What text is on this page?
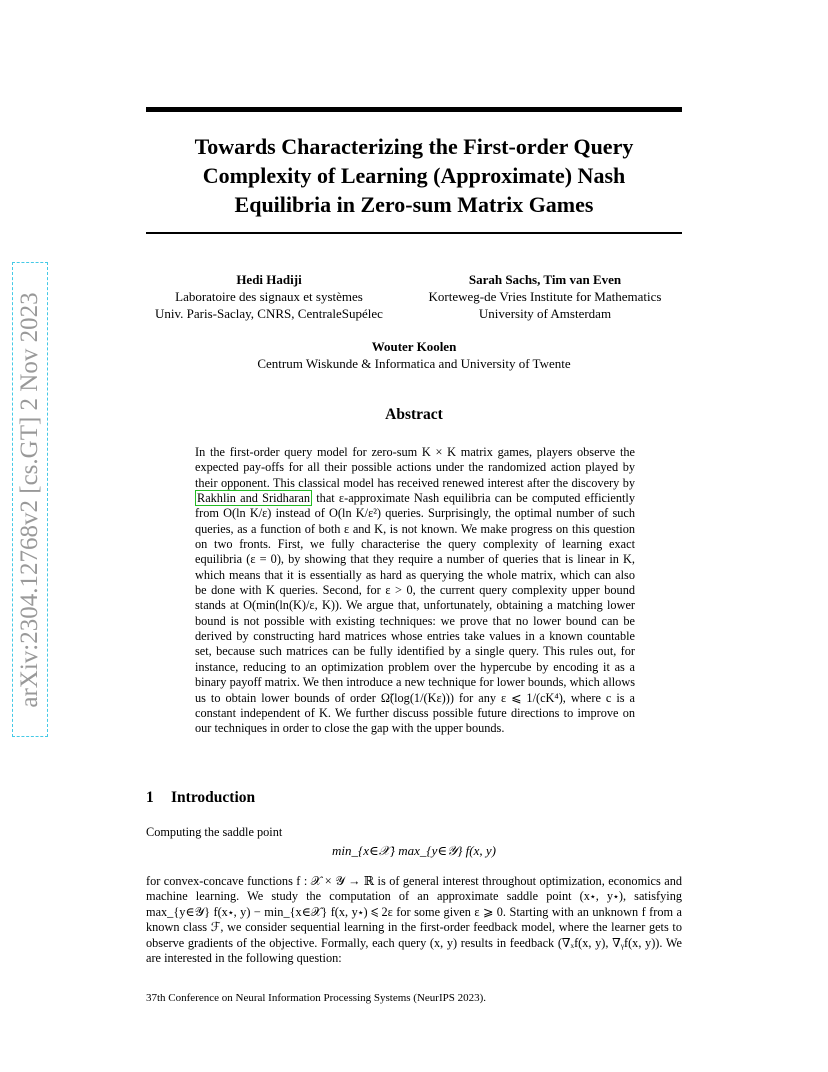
arXiv:2304.12768v2 [cs.GT] 2 Nov 2023
Towards Characterizing the First-order Query
Complexity of Learning (Approximate) Nash
Equilibria in Zero-sum Matrix Games
Hedi Hadiji
Laboratoire des signaux et systèmes
Univ. Paris-Saclay, CNRS, CentraleSupélec
Sarah Sachs, Tim van Even
Korteweg-de Vries Institute for Mathematics
University of Amsterdam
Wouter Koolen
Centrum Wiskunde & Informatica and University of Twente
Abstract

In the first-order query model for zero-sum K × K matrix games, players observe the expected pay-offs for all their possible actions under the randomized action played by their opponent. This classical model has received renewed interest after the discovery by Rakhlin and Sridharan that ε-approximate Nash equilibria can be computed efficiently from O(ln K/ε) instead of O(ln K/ε²) queries. Surprisingly, the optimal number of such queries, as a function of both ε and K, is not known. We make progress on this question on two fronts. First, we fully characterise the query complexity of learning exact equilibria (ε = 0), by showing that they require a number of queries that is linear in K, which means that it is essentially as hard as querying the whole matrix, which can also be done with K queries. Second, for ε > 0, the current query complexity upper bound stands at O(min(ln(K)/ε, K)). We argue that, unfortunately, obtaining a matching lower bound is not possible with existing techniques: we prove that no lower bound can be derived by constructing hard matrices whose entries take values in a known countable set, because such matrices can be fully identified by a single query. This rules out, for instance, reducing to an optimization problem over the hypercube by encoding it as a binary payoff matrix. We then introduce a new technique for lower bounds, which allows us to obtain lower bounds of order Ω̃(log(1/(Kε))) for any ε ⩽ 1/(cK⁴), where c is a constant independent of K. We further discuss possible future directions to improve on our techniques in order to close the gap with the upper bounds.

1 Introduction

Computing the saddle point

min_{x∈𝒳} max_{y∈𝒴} f(x, y)

for convex-concave functions f : 𝒳 × 𝒴 → ℝ is of general interest throughout optimization, economics and machine learning. We study the computation of an approximate saddle point (x⋆, y⋆), satisfying max_{y∈𝒴} f(x⋆, y) − min_{x∈𝒳} f(x, y⋆) ⩽ 2ε for some given ε ⩾ 0. Starting with an unknown f from a known class ℱ, we consider sequential learning in the first-order feedback model, where the learner gets to observe gradients of the objective. Formally, each query (x, y) results in feedback (∇ₓf(x, y), ∇ᵧf(x, y)). We are interested in the following question:

37th Conference on Neural Information Processing Systems (NeurIPS 2023).
